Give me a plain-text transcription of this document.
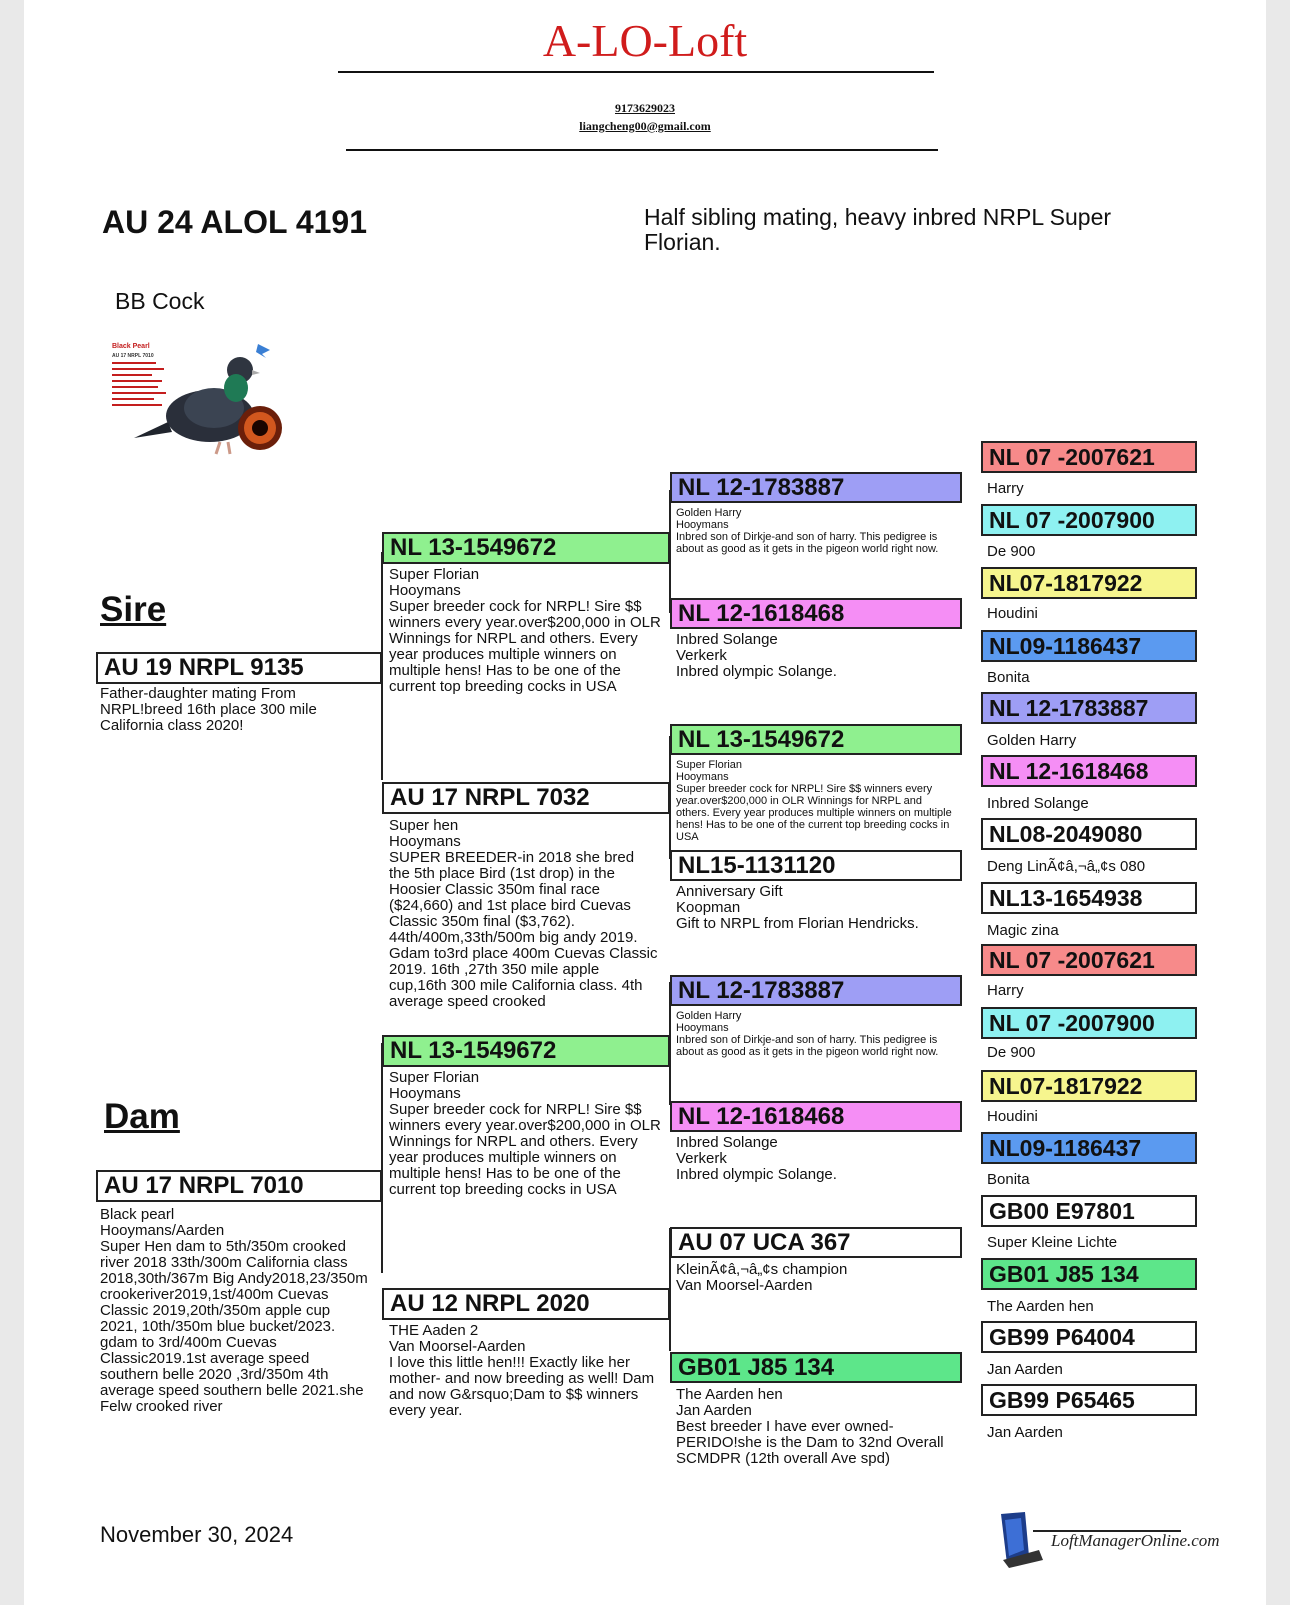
A-LO-Loft
9173629023
liangcheng00@gmail.com
AU 24 ALOL 4191	Half sibling mating, heavy inbred NRPL Super Florian.
BB Cock
Black Pearl
AU 17 NRPL 7010
Sire
Dam
AU 19 NRPL 9135
Father-daughter mating From NRPL!breed 16th place 300 mile California class 2020!
AU 17 NRPL 7010
Black pearl
Hooymans/Aarden
Super Hen dam to 5th/350m crooked river 2018 33th/300m California class 2018,30th/367m Big Andy2018,23/350m crookeriver2019,1st/400m Cuevas Classic 2019,20th/350m apple cup 2021, 10th/350m blue bucket/2023. gdam to 3rd/400m Cuevas Classic2019.1st average speed southern belle 2020 ,3rd/350m 4th average speed southern belle 2021.she Felw crooked river
NL 13-1549672
Super Florian
Hooymans
Super breeder cock for NRPL! Sire $$ winners every year.over$200,000 in OLR Winnings for NRPL and others. Every year produces multiple winners on multiple hens! Has to be one of the current top breeding cocks in USA
AU 17 NRPL 7032
Super hen
Hooymans
SUPER BREEDER-in 2018 she bred the 5th place Bird (1st drop) in the Hoosier Classic 350m final race ($24,660) and 1st place bird Cuevas Classic 350m final ($3,762). 44th/400m,33th/500m big andy 2019. Gdam to3rd place 400m Cuevas Classic 2019. 16th ,27th 350 mile apple cup,16th 300 mile California class. 4th average speed crooked
NL 13-1549672
Super Florian
Hooymans
Super breeder cock for NRPL! Sire $$ winners every year.over$200,000 in OLR Winnings for NRPL and others. Every year produces multiple winners on multiple hens! Has to be one of the current top breeding cocks in USA
AU 12 NRPL 2020
THE Aaden 2
Van Moorsel-Aarden
I love this little hen!!! Exactly like her mother- and now breeding as well! Dam and now G&rsquo;Dam to $$ winners every year.
NL 12-1783887
Golden Harry
Hooymans
Inbred son of Dirkje-and son of harry. This pedigree is about as good as it gets in the pigeon world right now.
NL 12-1618468
Inbred Solange
Verkerk
Inbred olympic Solange.
NL 13-1549672
Super Florian
Hooymans
Super breeder cock for NRPL! Sire $$ winners every year.over$200,000 in OLR Winnings for NRPL and others. Every year produces multiple winners on multiple hens! Has to be one of the current top breeding cocks in USA
NL15-1131120
Anniversary Gift
Koopman
Gift to NRPL from Florian Hendricks.
NL 12-1783887
Golden Harry
Hooymans
Inbred son of Dirkje-and son of harry. This pedigree is about as good as it gets in the pigeon world right now.
NL 12-1618468
Inbred Solange
Verkerk
Inbred olympic Solange.
AU 07 UCA 367
KleinÃ¢â,¬â„¢s champion
Van Moorsel-Aarden
GB01 J85 134
The Aarden hen
Jan Aarden
Best breeder I have ever owned-PERIDO!she is the Dam to 32nd Overall SCMDPR (12th overall Ave spd)
NL 07 -2007621
Harry
NL 07 -2007900
De 900
NL07-1817922
Houdini
NL09-1186437
Bonita
NL 12-1783887
Golden Harry
NL 12-1618468
Inbred Solange
NL08-2049080
Deng LinÃ¢â,¬â„¢s 080
NL13-1654938
Magic zina
NL 07 -2007621
Harry
NL 07 -2007900
De 900
NL07-1817922
Houdini
NL09-1186437
Bonita
GB00 E97801
Super Kleine Lichte
GB01 J85 134
The Aarden hen
GB99 P64004
Jan Aarden
GB99 P65465
Jan Aarden
November 30, 2024	LoftManagerOnline.com
